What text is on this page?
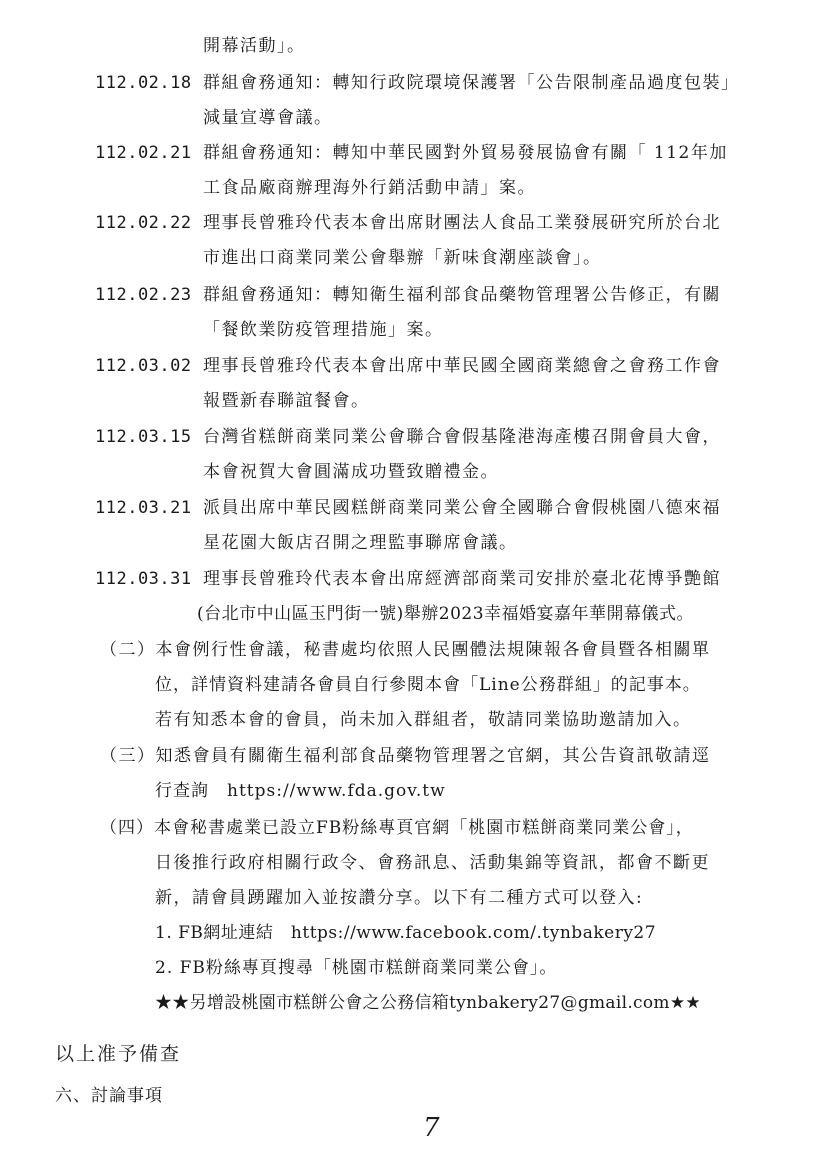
開幕活動」。
112.02.18 群組會務通知：轉知行政院環境保護署「公告限制產品過度包裝」
減量宣導會議。
112.02.21 群組會務通知：轉知中華民國對外貿易發展協會有關「 112年加
工食品廠商辦理海外行銷活動申請」案。
112.02.22 理事長曾雅玲代表本會出席財團法人食品工業發展研究所於台北
市進出口商業同業公會舉辦「新味食潮座談會」。
112.02.23 群組會務通知：轉知衛生福利部食品藥物管理署公告修正，有關
「餐飲業防疫管理措施」案。
112.03.02 理事長曾雅玲代表本會出席中華民國全國商業總會之會務工作會
報暨新春聯誼餐會。
112.03.15 台灣省糕餅商業同業公會聯合會假基隆港海產樓召開會員大會，
本會祝賀大會圓滿成功暨致贈禮金。
112.03.21 派員出席中華民國糕餅商業同業公會全國聯合會假桃園八德來福
星花園大飯店召開之理監事聯席會議。
112.03.31 理事長曾雅玲代表本會出席經濟部商業司安排於臺北花博爭艷館
(台北市中山區玉門街一號)舉辦2023幸福婚宴嘉年華開幕儀式。
（二）本會例行性會議，秘書處均依照人民團體法規陳報各會員暨各相關單
位，詳情資料建請各會員自行參閱本會「Line公務群組」的記事本。
若有知悉本會的會員，尚未加入群組者，敬請同業協助邀請加入。
（三）知悉會員有關衛生福利部食品藥物管理署之官網，其公告資訊敬請逕
行查詢　https://www.fda.gov.tw
（四）本會秘書處業已設立FB粉絲專頁官網「桃園市糕餅商業同業公會」，
日後推行政府相關行政令、會務訊息、活動集錦等資訊，都會不斷更
新，請會員踴躍加入並按讚分享。以下有二種方式可以登入:
1. FB網址連結　https://www.facebook.com/.tynbakery27
2. FB粉絲專頁搜尋「桃園市糕餅商業同業公會」。
★★另增設桃園市糕餅公會之公務信箱tynbakery27@gmail.com★★
以上准予備查
六、討論事項
7
